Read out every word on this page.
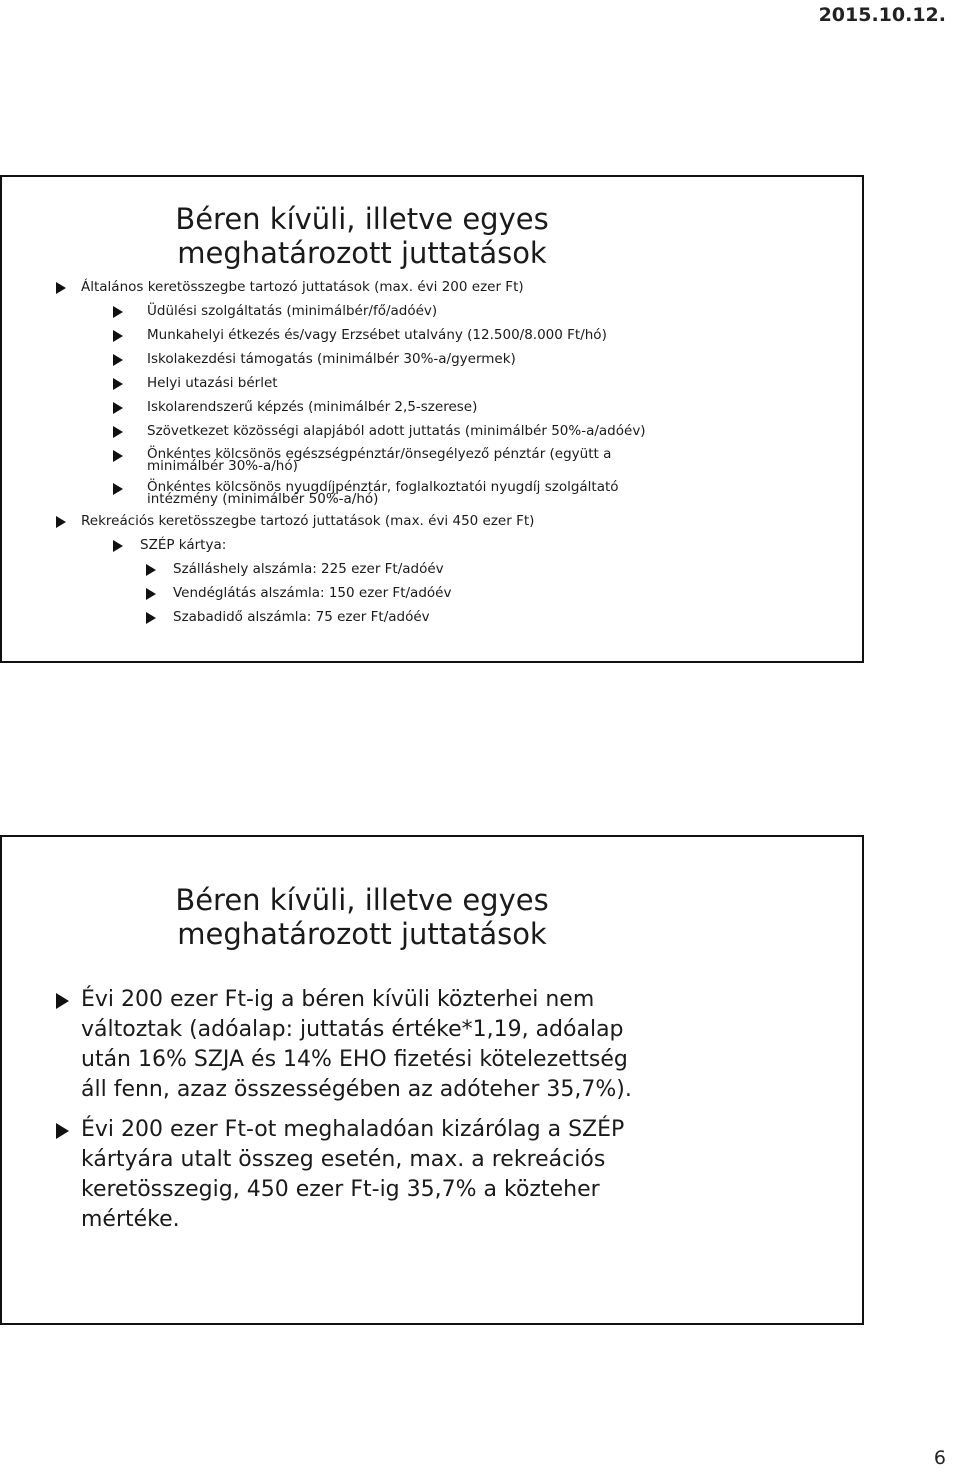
2015.10.12.
Béren kívüli, illetve egyes meghatározott juttatások
Általános keretösszegbe tartozó juttatások (max. évi 200 ezer Ft)
Üdülési szolgáltatás (minimálbér/fő/adóév)
Munkahelyi étkezés és/vagy Erzsébet utalvány (12.500/8.000 Ft/hó)
Iskolakezdési támogatás (minimálbér 30%-a/gyermek)
Helyi utazási bérlet
Iskolarendszerű képzés (minimálbér 2,5-szerese)
Szövetkezet közösségi alapjából adott juttatás (minimálbér 50%-a/adóév)
Önkéntes kölcsönös egészségpénztár/önsegélyező pénztár (együtt a minimálbér 30%-a/hó)
Önkéntes kölcsönös nyugdíjpénztár, foglalkoztatói nyugdíj szolgáltató intézmény (minimálbér 50%-a/hó)
Rekreációs keretösszegbe tartozó juttatások (max. évi 450 ezer Ft)
SZÉP kártya:
Szálláshely alszámla: 225 ezer Ft/adóév
Vendéglátás alszámla: 150 ezer Ft/adóév
Szabadidő alszámla: 75 ezer Ft/adóév
Béren kívüli, illetve egyes meghatározott juttatások
Évi 200 ezer Ft-ig a béren kívüli közterhei nem változtak (adóalap: juttatás értéke*1,19, adóalap után 16% SZJA és 14% EHO fizetési kötelezettség áll fenn, azaz összességében az adóteher 35,7%).
Évi 200 ezer Ft-ot meghaladóan kizárólag a SZÉP kártyára utalt összeg esetén, max. a rekreációs keretösszegig, 450 ezer Ft-ig 35,7% a közteher mértéke.
6
